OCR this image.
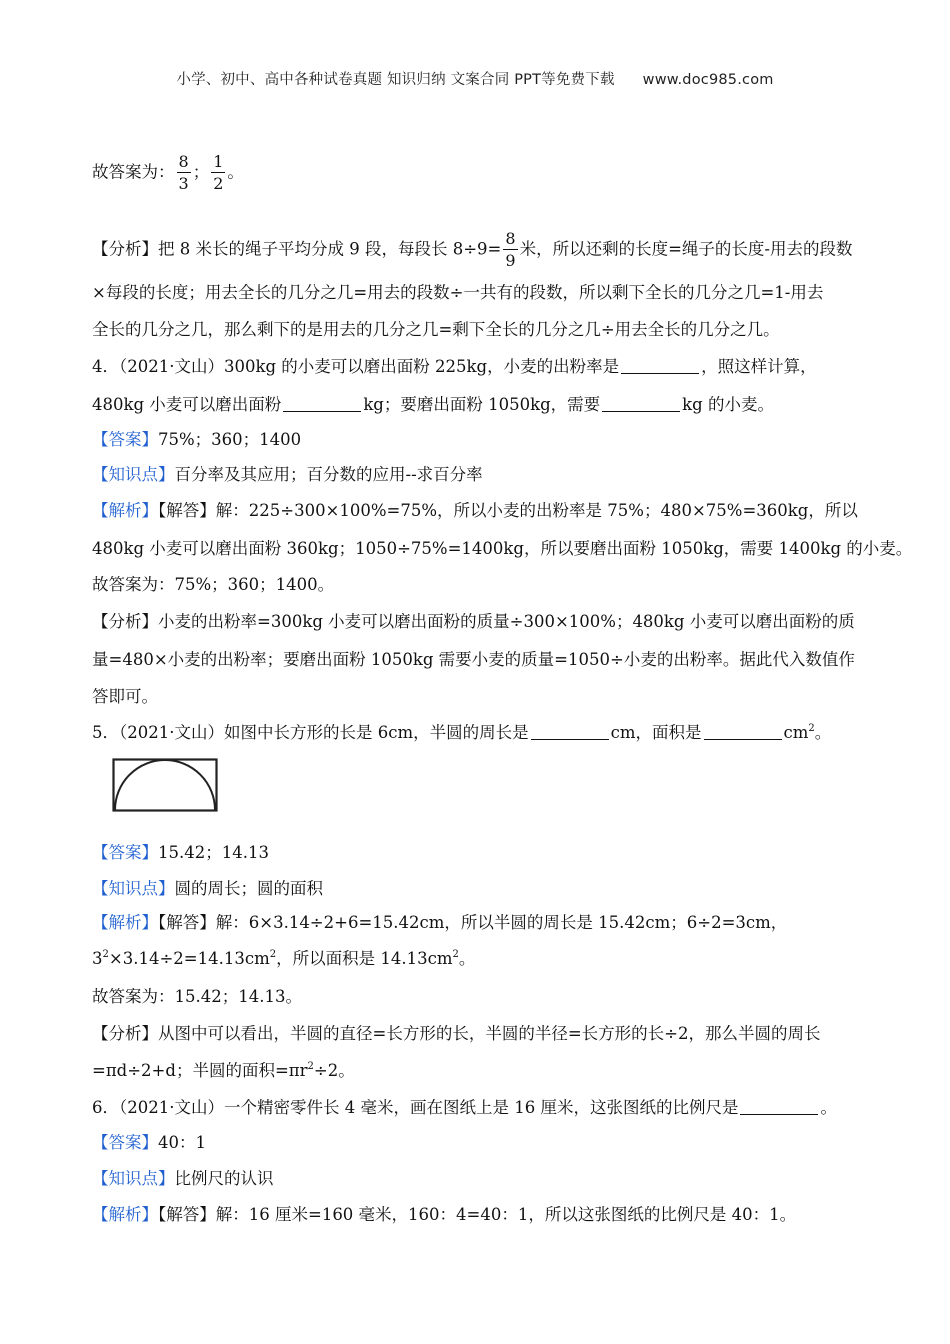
小学、初中、高中各种试卷真题 知识归纳 文案合同 PPT等免费下载 www.doc985.com
故答案为： $\frac{8}{3}$ ； $\frac{1}{2}$ 。
【分析】把 8 米长的绳子平均分成 9 段，每段长 $8\div 9= \frac{8}{9}$ 米，所以还剩的长度=绳子的长度-用去的段数
×每段的长度；用去全长的几分之几=用去的段数÷一共有的段数，所以剩下全长的几分之几=1-用去
全长的几分之几，那么剩下的是用去的几分之几=剩下全长的几分之几÷用去全长的几分之几。
4．（2021·文山）300kg 的小麦可以磨出面粉 225kg，小麦的出粉率是	，照这样计算，
480kg 小麦可以磨出面粉	kg；要磨出面粉 1050kg，需要	kg 的小麦。
【答案】75%；360；1400
【知识点】百分率及其应用；百分数的应用--求百分率
【解析】【解答】解：225÷300×100%=75%，所以小麦的出粉率是 75%；480×75%=360kg，所以
480kg 小麦可以磨出面粉 360kg；1050÷75%=1400kg，所以要磨出面粉 1050kg，需要 1400kg 的小麦。
故答案为：75%；360；1400。
【分析】小麦的出粉率=300kg 小麦可以磨出面粉的质量÷300×100%；480kg 小麦可以磨出面粉的质
量=480×小麦的出粉率；要磨出面粉 1050kg 需要小麦的质量=1050÷小麦的出粉率。据此代入数值作
答即可。
5．（2021·文山）如图中长方形的长是 6cm，半圆的周长是	cm，面积是	$cm^2$。
【答案】15.42；14.13
【知识点】圆的周长；圆的面积
【解析】【解答】解：6×3.14÷2+6=15.42cm，所以半圆的周长是 15.42cm；6÷2=3cm，
$3^2\times 3.14\div 2=14.13cm^2$，所以面积是 $14.13cm^2$。
故答案为：15.42；14.13。
【分析】从图中可以看出，半圆的直径=长方形的长，半圆的半径=长方形的长÷2，那么半圆的周长
=πd÷2+d；半圆的面积$=\pi r^2\div 2$。
6．（2021·文山）一个精密零件长 4 毫米，画在图纸上是 16 厘米，这张图纸的比例尺是	。
【答案】40：1
【知识点】比例尺的认识
【解析】【解答】解：16 厘米=160 毫米，160：4=40：1，所以这张图纸的比例尺是 40：1。
